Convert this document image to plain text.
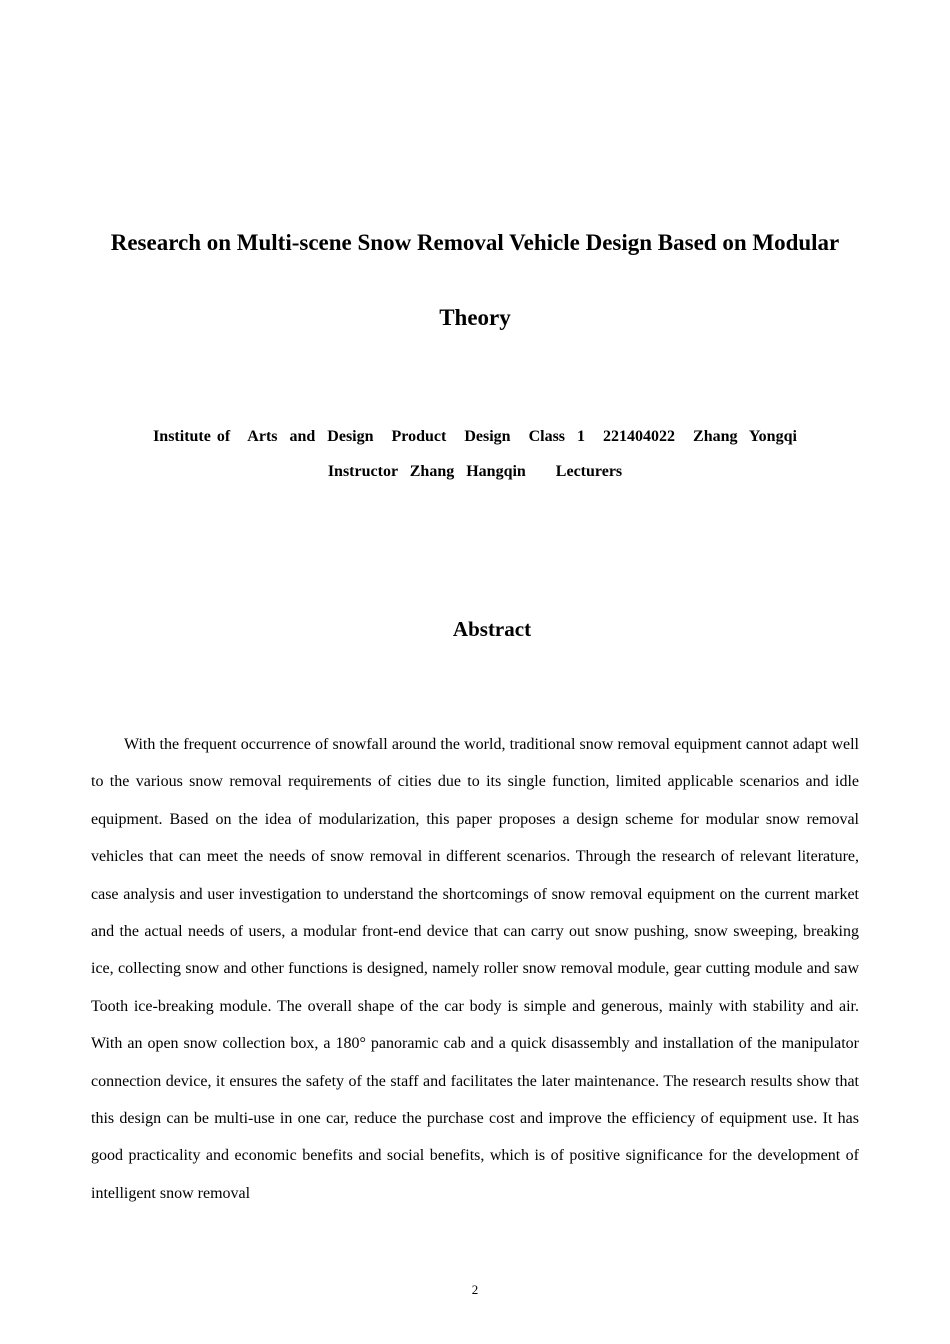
Research on Multi-scene Snow Removal Vehicle Design Based on Modular
Theory
Institute of   Arts  and  Design   Product   Design   Class  1   221404022   Zhang  Yongqi
Instructor  Zhang  Hangqin     Lecturers
Abstract

With the frequent occurrence of snowfall around the world, traditional snow removal equipment cannot adapt well to the various snow removal requirements of cities due to its single function, limited applicable scenarios and idle equipment. Based on the idea of modularization, this paper proposes a design scheme for modular snow removal vehicles that can meet the needs of snow removal in different scenarios. Through the research of relevant literature, case analysis and user investigation to understand the shortcomings of snow removal equipment on the current market and the actual needs of users, a modular front-end device that can carry out snow pushing, snow sweeping, breaking ice, collecting snow and other functions is designed, namely roller snow removal module, gear cutting module and saw Tooth ice-breaking module. The overall shape of the car body is simple and generous, mainly with stability and air. With an open snow collection box, a 180° panoramic cab and a quick disassembly and installation of the manipulator connection device, it ensures the safety of the staff and facilitates the later maintenance. The research results show that this design can be multi-use in one car, reduce the purchase cost and improve the efficiency of equipment use. It has good practicality and economic benefits and social benefits, which is of positive significance for the development of intelligent snow removal

2
